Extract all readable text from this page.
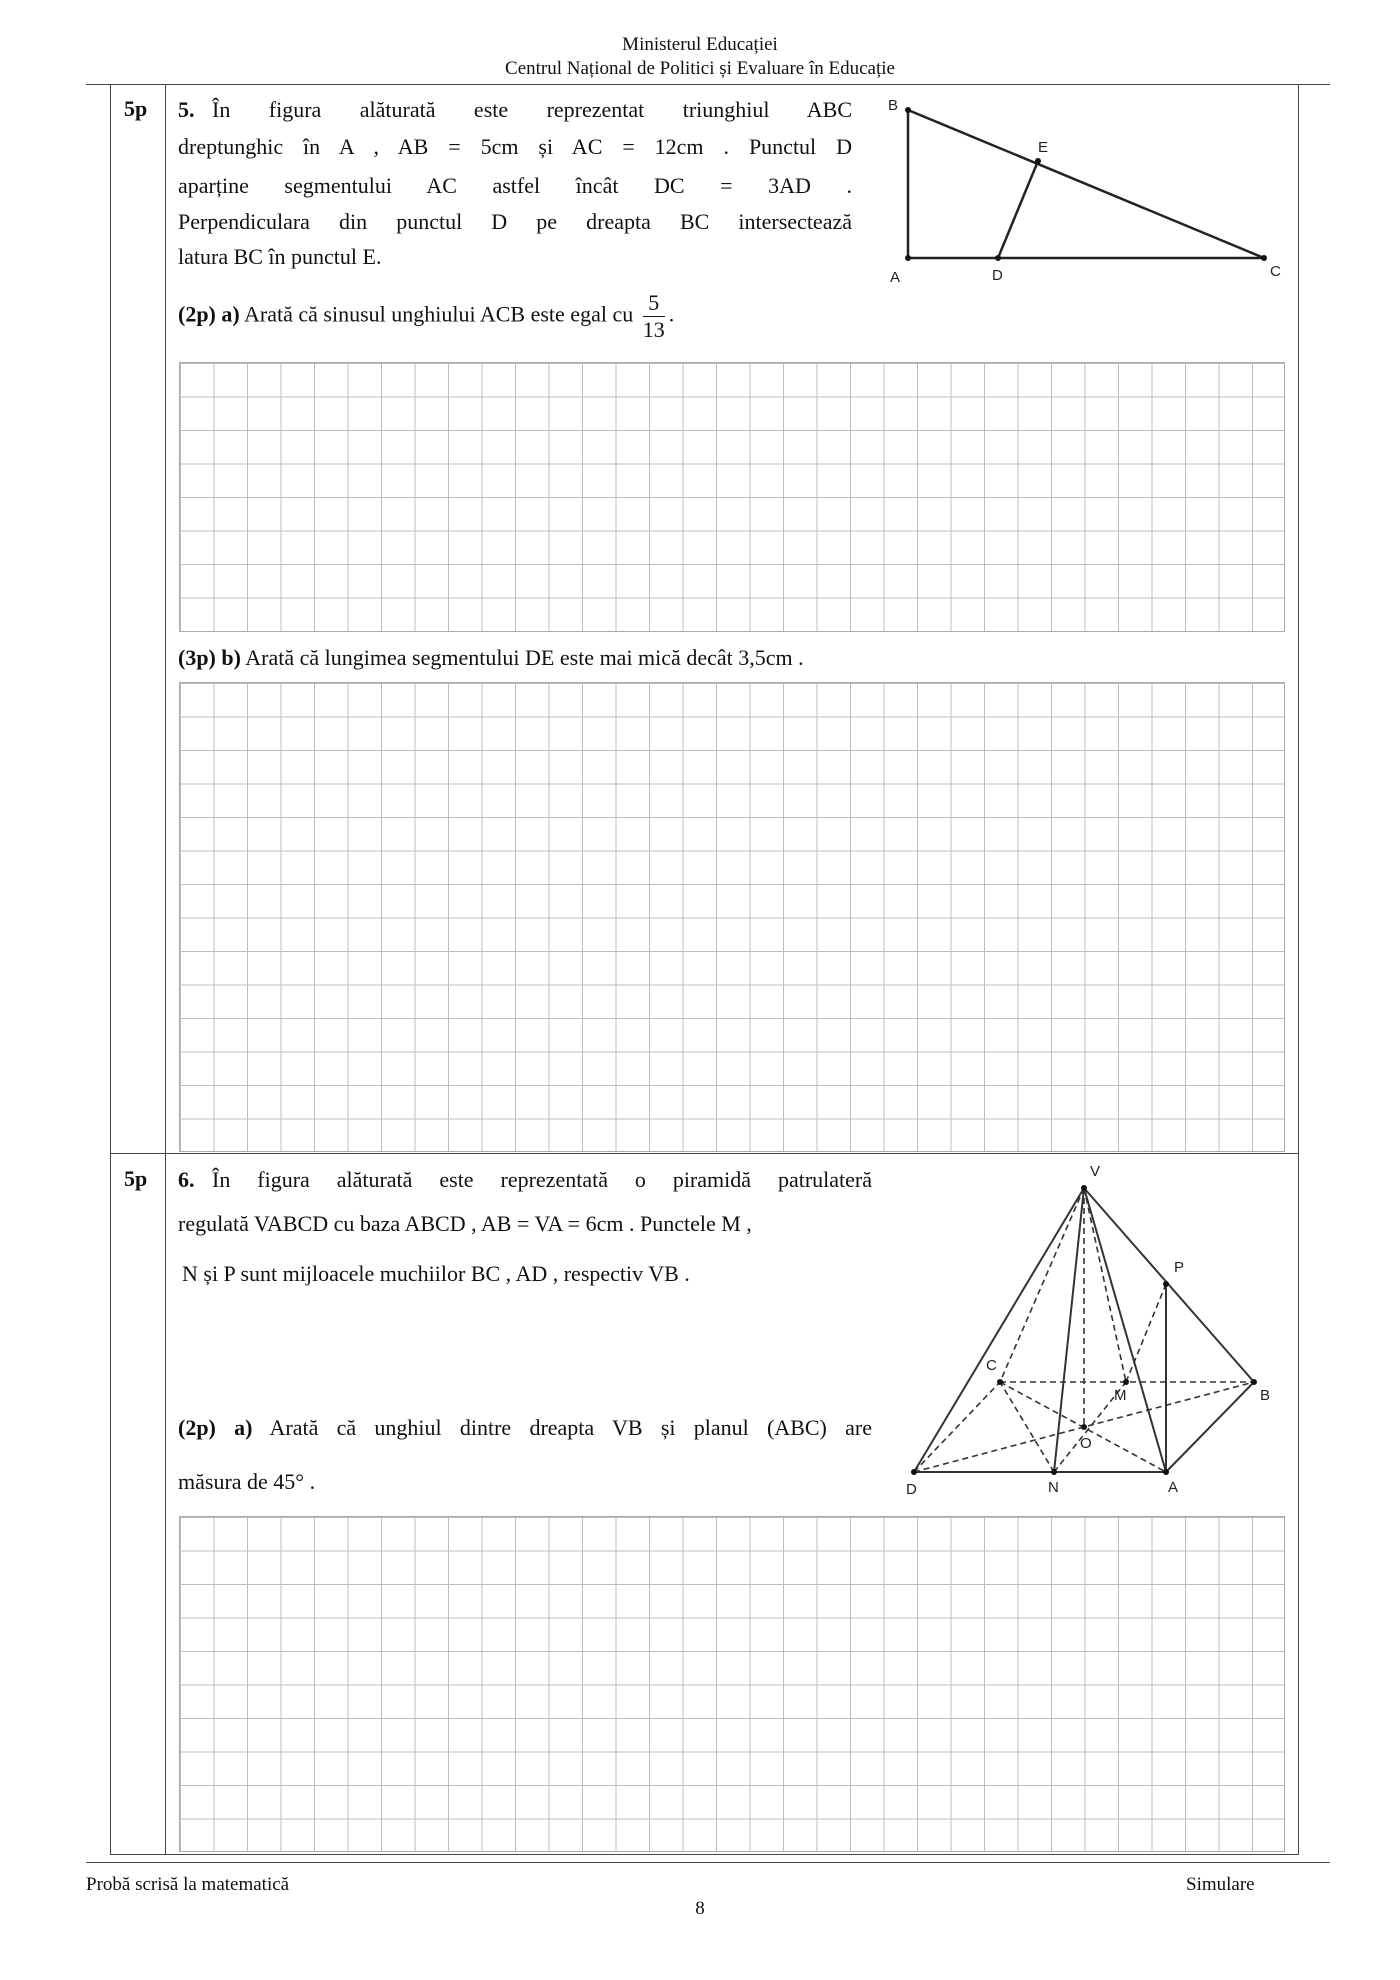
Ministerul Educației
Centrul Național de Politici și Evaluare în Educație
5p 5. În figura alăturată este reprezentat triunghiul ABC
dreptunghic în A , AB = 5cm și AC = 12cm . Punctul D
aparține segmentului AC astfel încât DC = 3AD .
Perpendiculara din punctul D pe dreapta BC intersectează
latura BC în punctul E.
(2p) a) Arată că sinusul unghiului ACB este egal cu $\frac{5}{13}$ .
B
E
A	D	C
(3p) b) Arată că lungimea segmentului DE este mai mică decât 3,5cm .
5p 6. În figura alăturată este reprezentată o piramidă patrulateră
regulată VABCD cu baza ABCD , AB = VA = 6cm . Punctele M ,
N și P sunt mijloacele muchiilor BC , AD , respectiv VB .
(2p) a) Arată că unghiul dintre dreapta VB și planul (ABC) are
măsura de 45° .
V
P
C
M	B
O
D	N	A
Probă scrisă la matematică	Simulare
8
